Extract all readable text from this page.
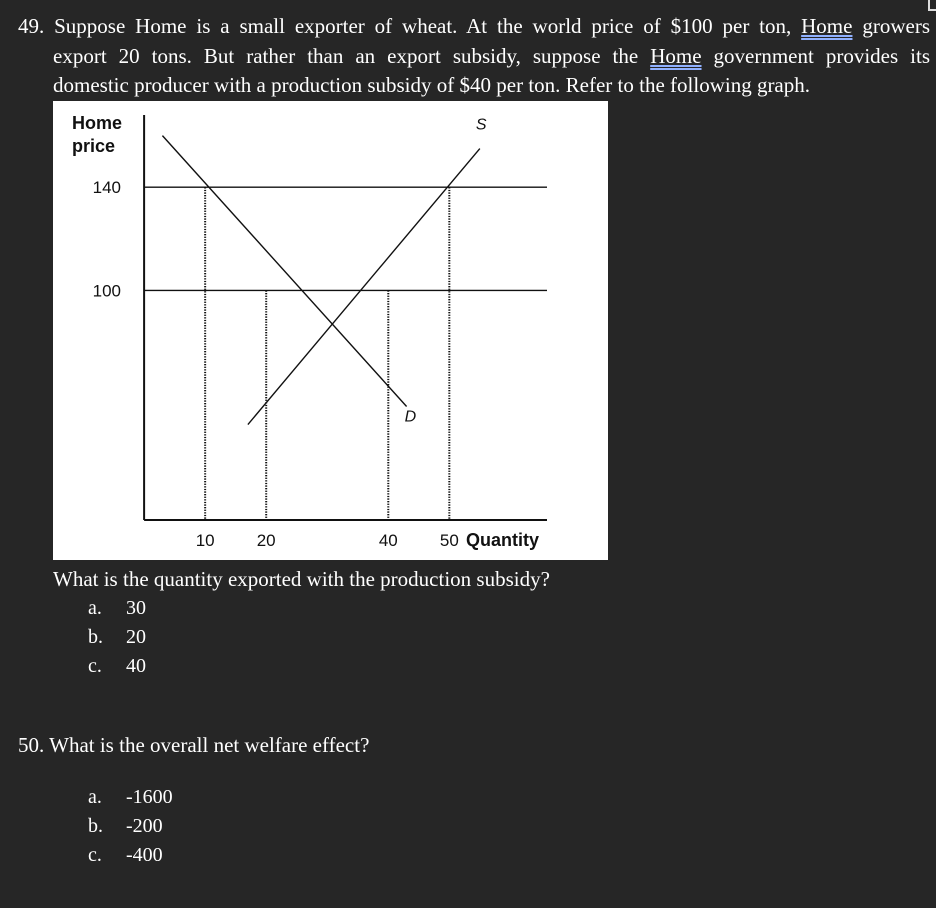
49. Suppose Home is a small exporter of wheat. At the world price of $100 per ton, Home growers
export 20 tons. But rather than an export subsidy, suppose the Home government provides its
domestic producer with a production subsidy of $40 per ton. Refer to the following graph.
Home
price
100
140
S
D
10 20	40 50 Quantity
What is the quantity exported with the production subsidy?
a.	30
b.	20
c.	40
50. What is the overall net welfare effect?
a.	-1600
b.	-200
c.	-400
